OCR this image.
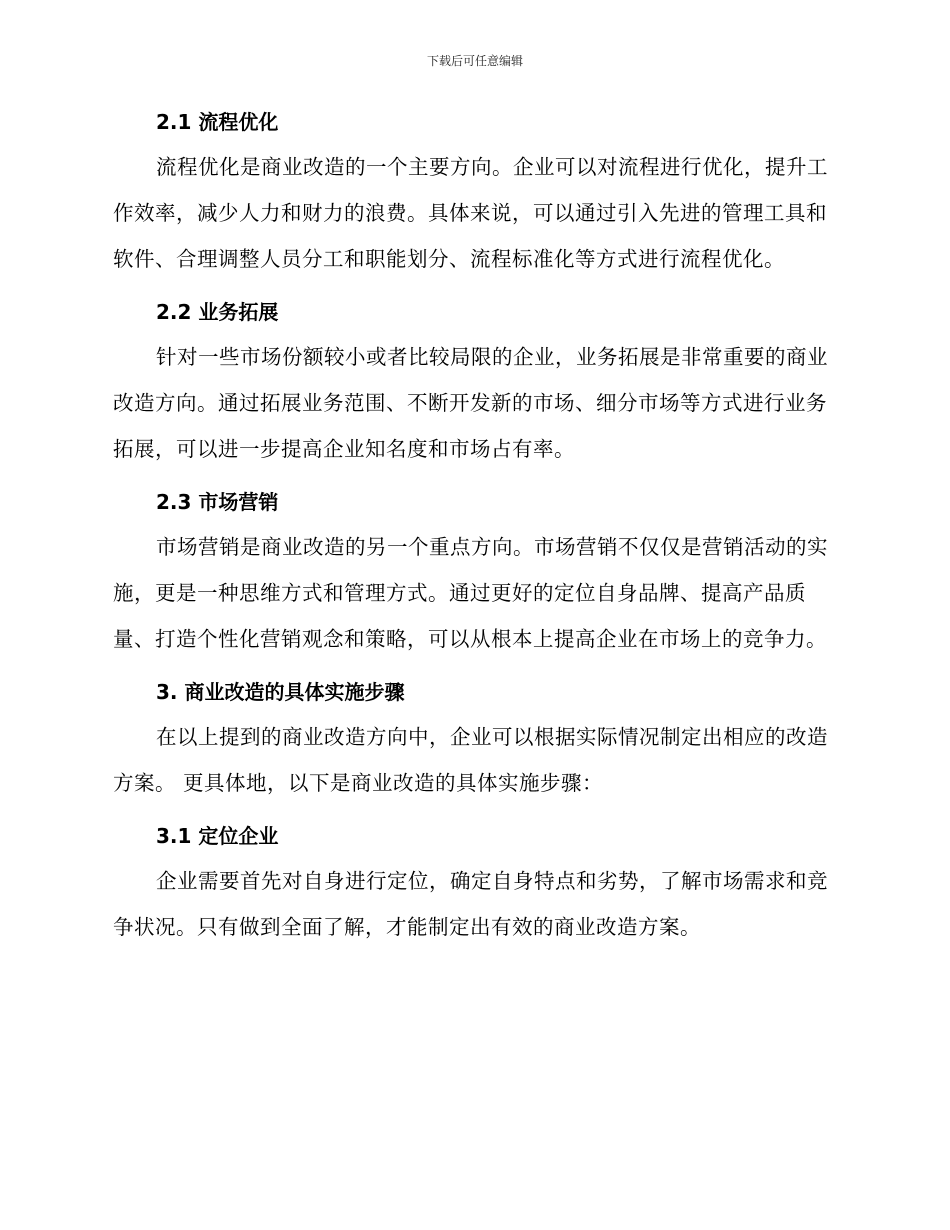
下载后可任意编辑
2.1 流程优化
流程优化是商业改造的一个主要方向。企业可以对流程进行优化，提升工作效率，减少人力和财力的浪费。具体来说，可以通过引入先进的管理工具和软件、合理调整人员分工和职能划分、流程标准化等方式进行流程优化。
2.2 业务拓展
针对一些市场份额较小或者比较局限的企业，业务拓展是非常重要的商业改造方向。通过拓展业务范围、不断开发新的市场、细分市场等方式进行业务拓展，可以进一步提高企业知名度和市场占有率。
2.3 市场营销
市场营销是商业改造的另一个重点方向。市场营销不仅仅是营销活动的实施，更是一种思维方式和管理方式。通过更好的定位自身品牌、提高产品质量、打造个性化营销观念和策略，可以从根本上提高企业在市场上的竞争力。
3. 商业改造的具体实施步骤
在以上提到的商业改造方向中，企业可以根据实际情况制定出相应的改造方案。 更具体地，以下是商业改造的具体实施步骤：
3.1 定位企业
企业需要首先对自身进行定位，确定自身特点和劣势，了解市场需求和竞争状况。只有做到全面了解，才能制定出有效的商业改造方案。
